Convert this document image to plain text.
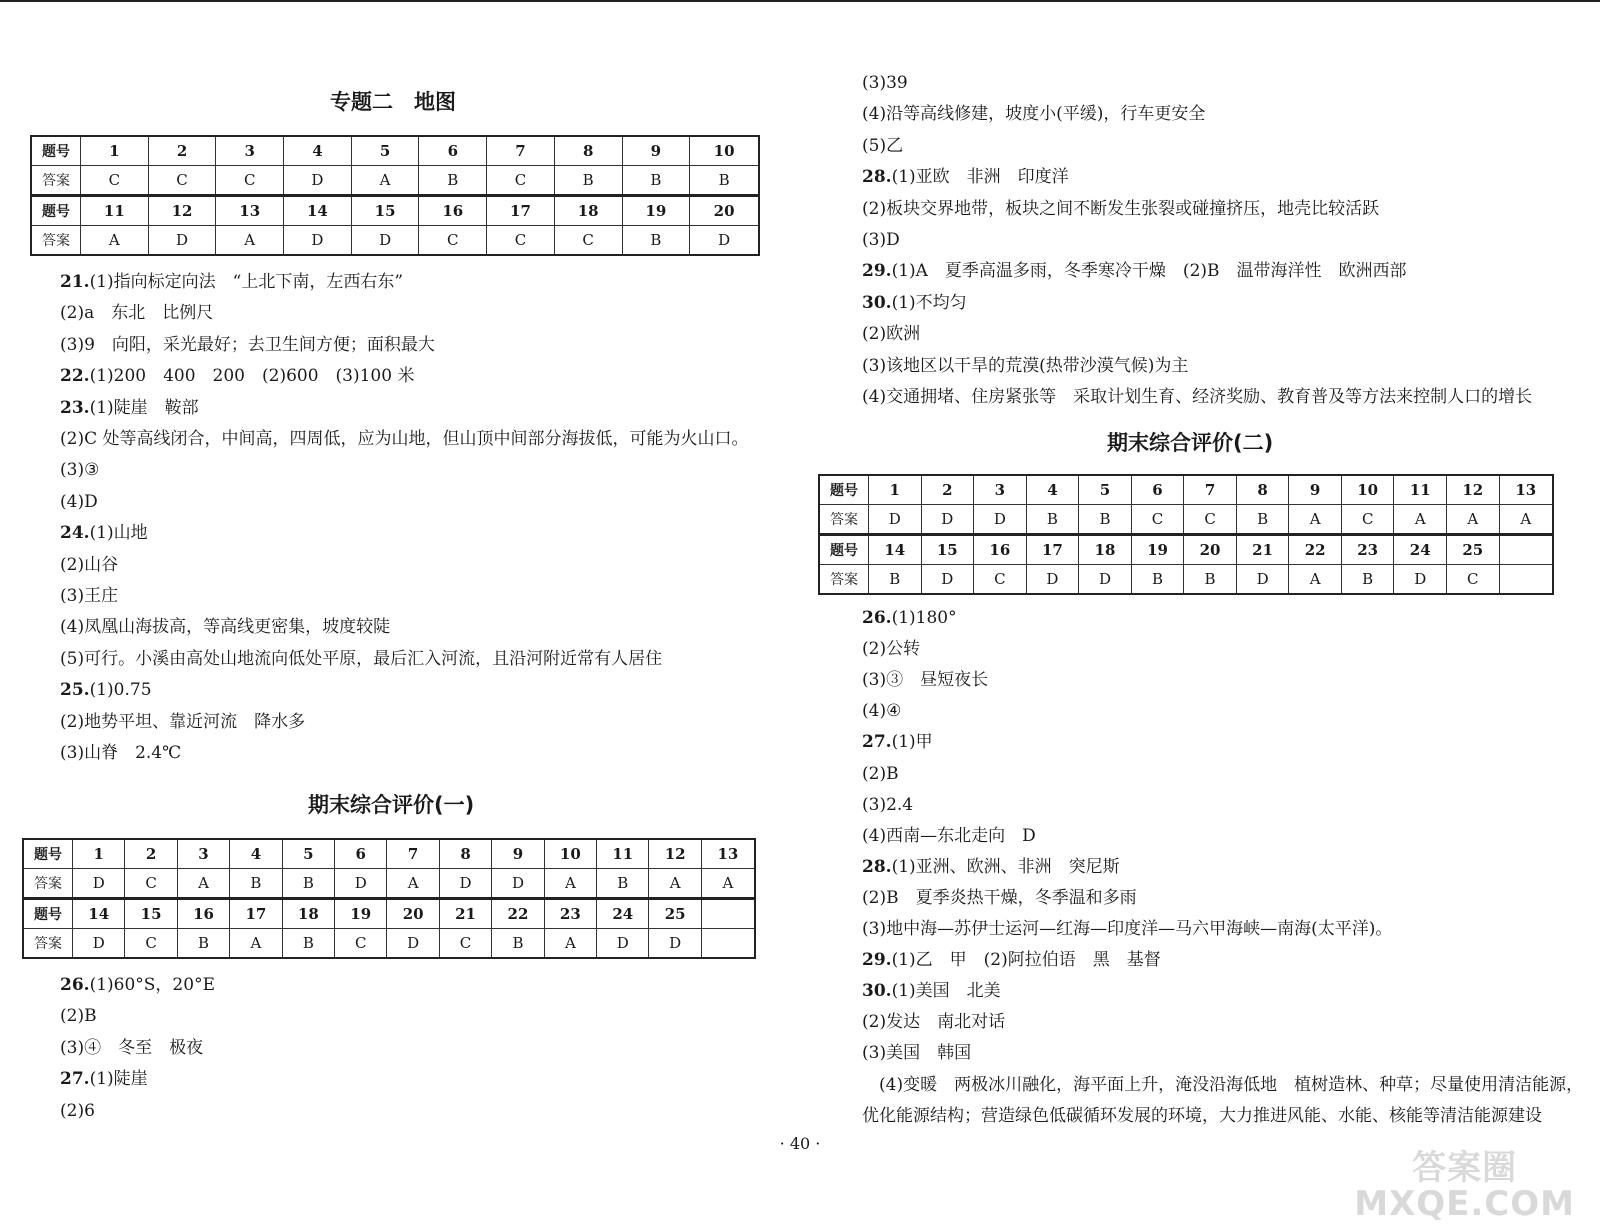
专题二　地图
题号	1	2	3	4	5	6	7	8	9	10
答案	C	C	C	D	A	B	C	B	B	B
题号	11	12	13	14	15	16	17	18	19	20
答案	A	D	A	D	D	C	C	C	B	D
21.(1)指向标定向法　“上北下南，左西右东”
(2)a　东北　比例尺
(3)9　向阳，采光最好；去卫生间方便；面积最大
22.(1)200　400　200　(2)600　(3)100 米
23.(1)陡崖　鞍部
(2)C 处等高线闭合，中间高，四周低，应为山地，但山顶中间部分海拔低，可能为火山口。
(3)③
(4)D
24.(1)山地
(2)山谷
(3)王庄
(4)凤凰山海拔高，等高线更密集，坡度较陡
(5)可行。小溪由高处山地流向低处平原，最后汇入河流，且沿河附近常有人居住
25.(1)0.75
(2)地势平坦、靠近河流　降水多
(3)山脊　2.4℃
期末综合评价(一)
题号	1	2	3	4	5	6	7	8	9	10	11	12	13
答案	D	C	A	B	B	D	A	D	D	A	B	A	A
题号	14	15	16	17	18	19	20	21	22	23	24	25	
答案	D	C	B	A	B	C	D	C	B	A	D	D	
26.(1)60°S，20°E
(2)B
(3)④　冬至　极夜
27.(1)陡崖
(2)6
(3)39
(4)沿等高线修建，坡度小(平缓)，行车更安全
(5)乙
28.(1)亚欧　非洲　印度洋
(2)板块交界地带，板块之间不断发生张裂或碰撞挤压，地壳比较活跃
(3)D
29.(1)A　夏季高温多雨，冬季寒冷干燥　(2)B　温带海洋性　欧洲西部
30.(1)不均匀
(2)欧洲
(3)该地区以干旱的荒漠(热带沙漠气候)为主
(4)交通拥堵、住房紧张等　采取计划生育、经济奖励、教育普及等方法来控制人口的增长
期末综合评价(二)
题号	1	2	3	4	5	6	7	8	9	10	11	12	13
答案	D	D	D	B	B	C	C	B	A	C	A	A	A
题号	14	15	16	17	18	19	20	21	22	23	24	25	
答案	B	D	C	D	D	B	B	D	A	B	D	C	
26.(1)180°
(2)公转
(3)③　昼短夜长
(4)④
27.(1)甲
(2)B
(3)2.4
(4)西南—东北走向　D
28.(1)亚洲、欧洲、非洲　突尼斯
(2)B　夏季炎热干燥，冬季温和多雨
(3)地中海—苏伊士运河—红海—印度洋—马六甲海峡—南海(太平洋)。
29.(1)乙　甲　(2)阿拉伯语　黑　基督
30.(1)美国　北美
(2)发达　南北对话
(3)美国　韩国
　(4)变暖　两极冰川融化，海平面上升，淹没沿海低地　植树造林、种草；尽量使用清洁能源，
优化能源结构；营造绿色低碳循环发展的环境，大力推进风能、水能、核能等清洁能源建设
· 40 ·
答案圈
MXQE.COM
